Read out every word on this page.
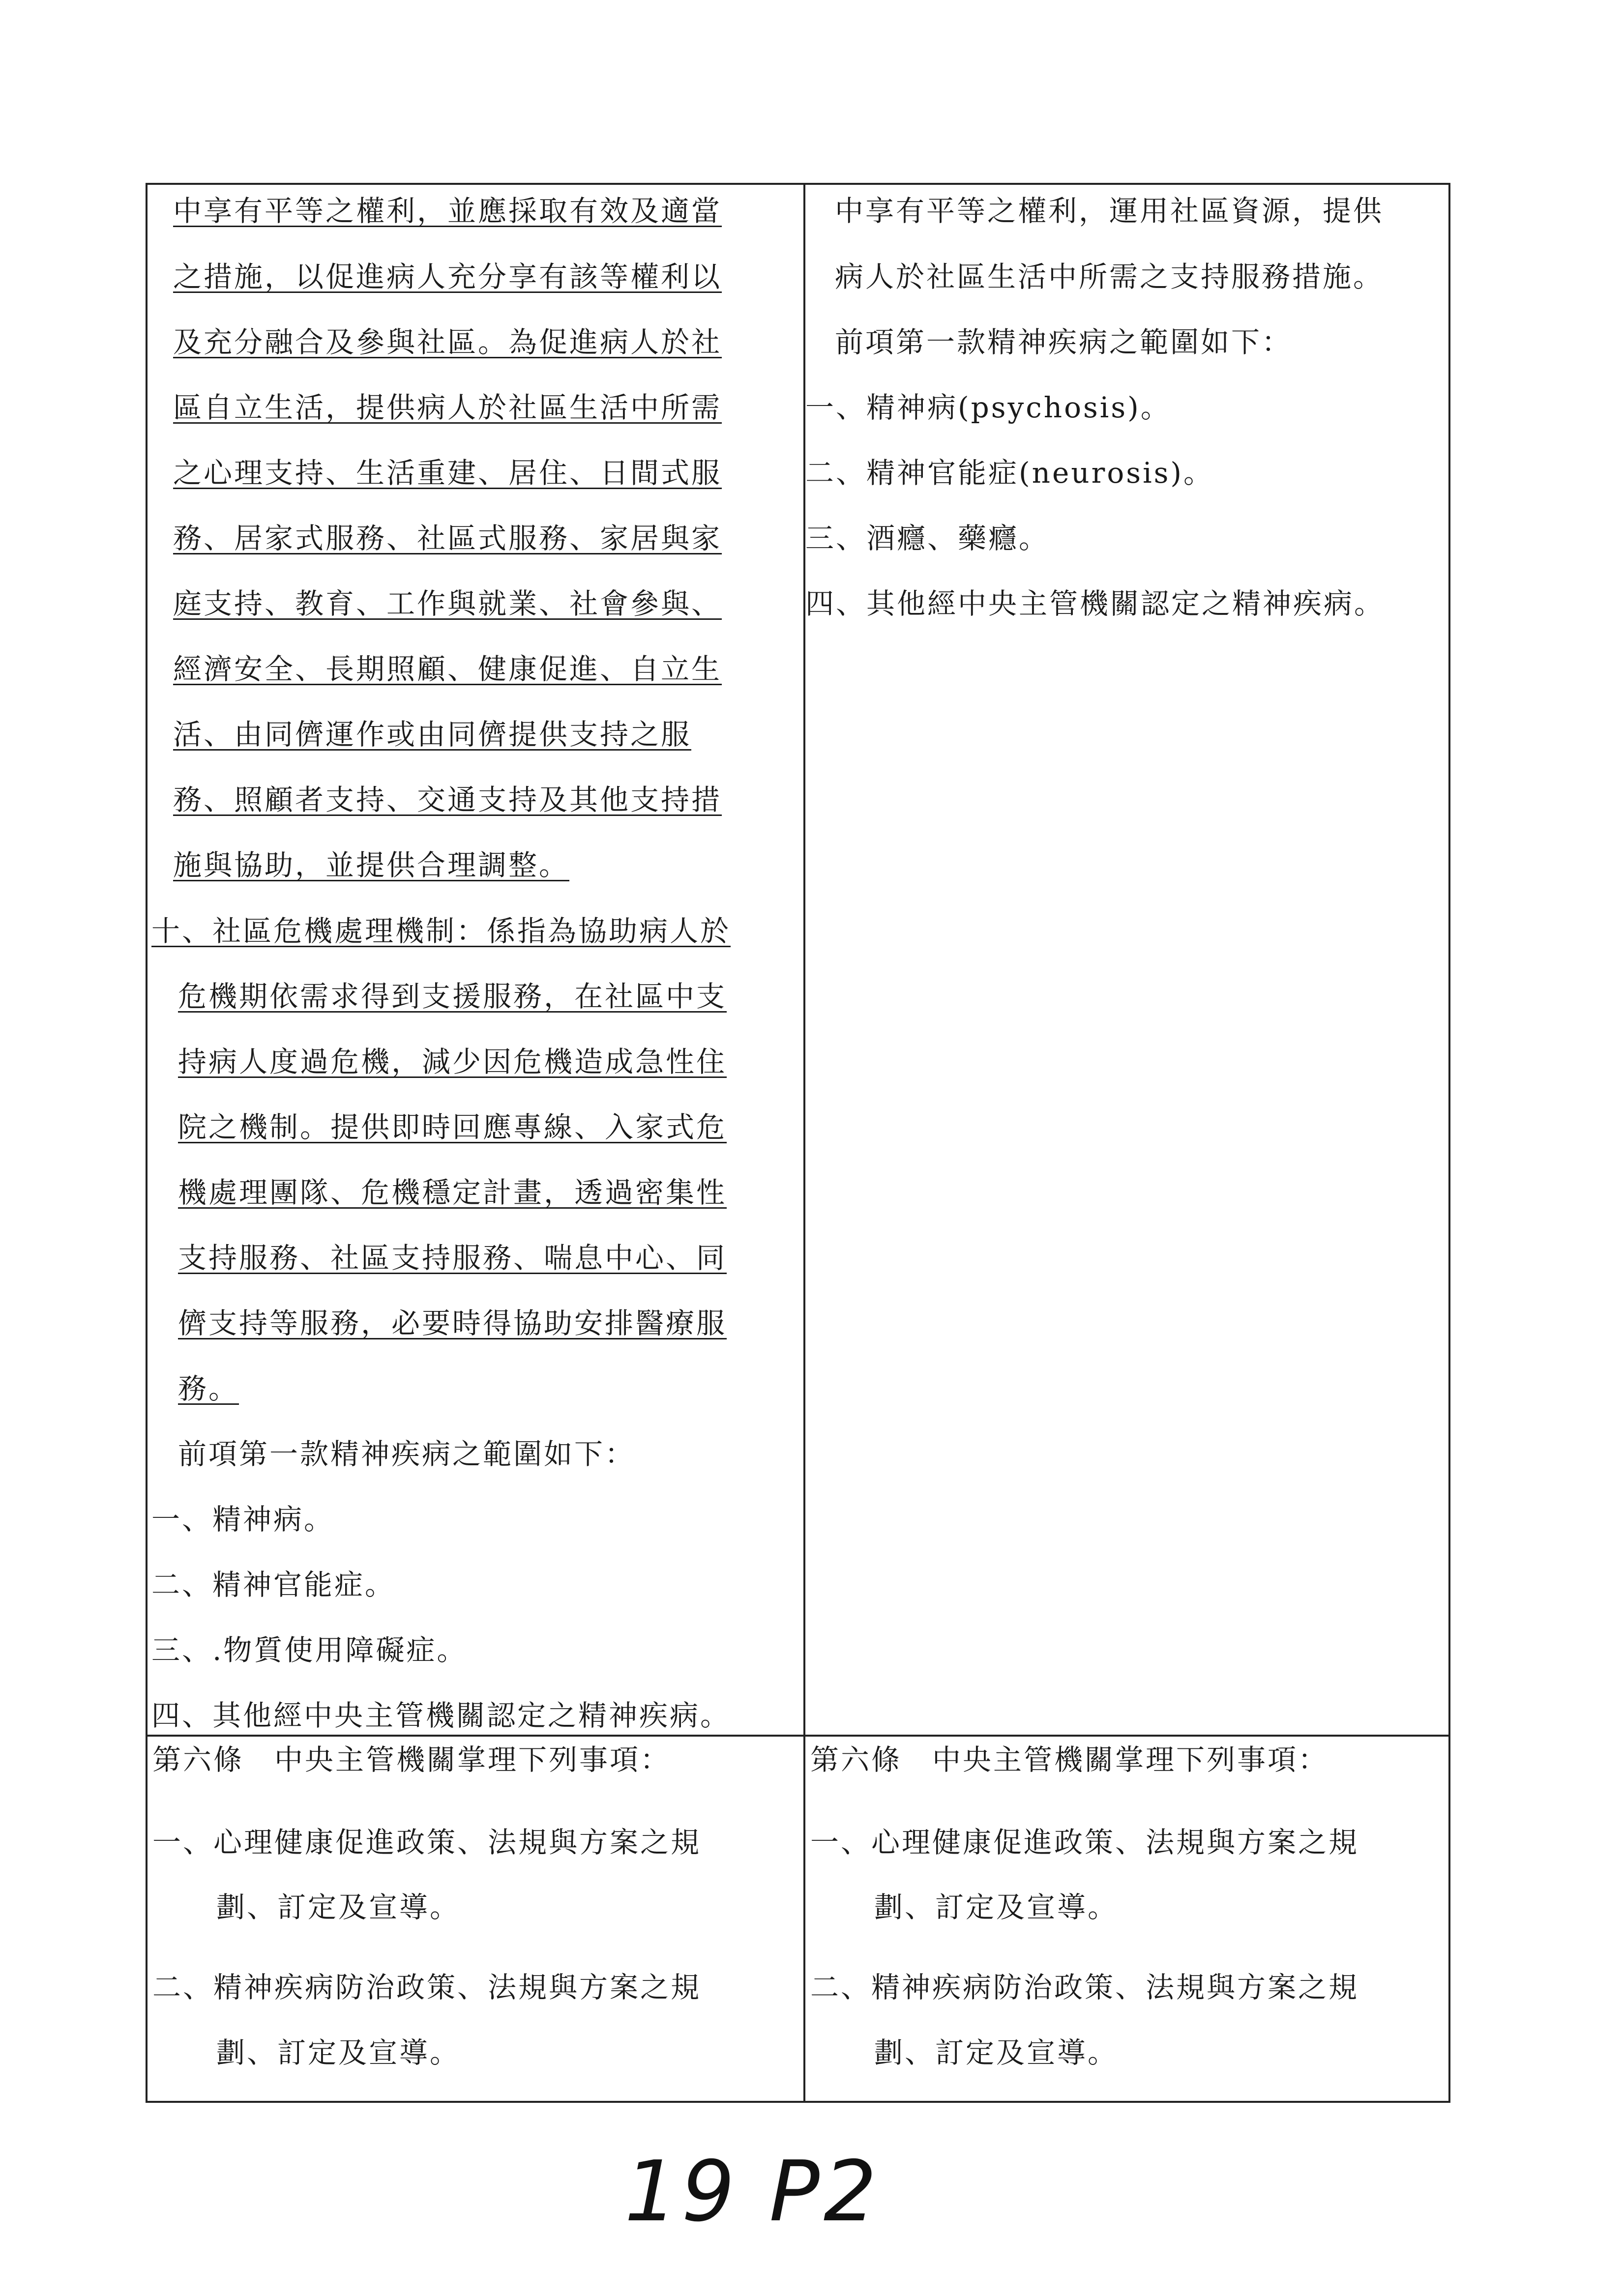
中享有平等之權利，並應採取有效及適當
之措施，以促進病人充分享有該等權利以
及充分融合及參與社區。為促進病人於社
區自立生活，提供病人於社區生活中所需
之心理支持、生活重建、居住、日間式服
務、居家式服務、社區式服務、家居與家
庭支持、教育、工作與就業、社會參與、
經濟安全、長期照顧、健康促進、自立生
活、由同儕運作或由同儕提供支持之服
務、照顧者支持、交通支持及其他支持措
施與協助，並提供合理調整。
十、社區危機處理機制：係指為協助病人於
危機期依需求得到支援服務，在社區中支
持病人度過危機，減少因危機造成急性住
院之機制。提供即時回應專線、入家式危
機處理團隊、危機穩定計畫，透過密集性
支持服務、社區支持服務、喘息中心、同
儕支持等服務，必要時得協助安排醫療服
務。
前項第一款精神疾病之範圍如下：
一、精神病。
二、精神官能症。
三、.物質使用障礙症。
四、其他經中央主管機關認定之精神疾病。
中享有平等之權利，運用社區資源，提供
病人於社區生活中所需之支持服務措施。
前項第一款精神疾病之範圍如下：
一、精神病(psychosis)。
二、精神官能症(neurosis)。
三、酒癮、藥癮。
四、其他經中央主管機關認定之精神疾病。
第六條　中央主管機關掌理下列事項：
一、心理健康促進政策、法規與方案之規
劃、訂定及宣導。
二、精神疾病防治政策、法規與方案之規
劃、訂定及宣導。
第六條　中央主管機關掌理下列事項：
一、心理健康促進政策、法規與方案之規
劃、訂定及宣導。
二、精神疾病防治政策、法規與方案之規
劃、訂定及宣導。
19 P2
